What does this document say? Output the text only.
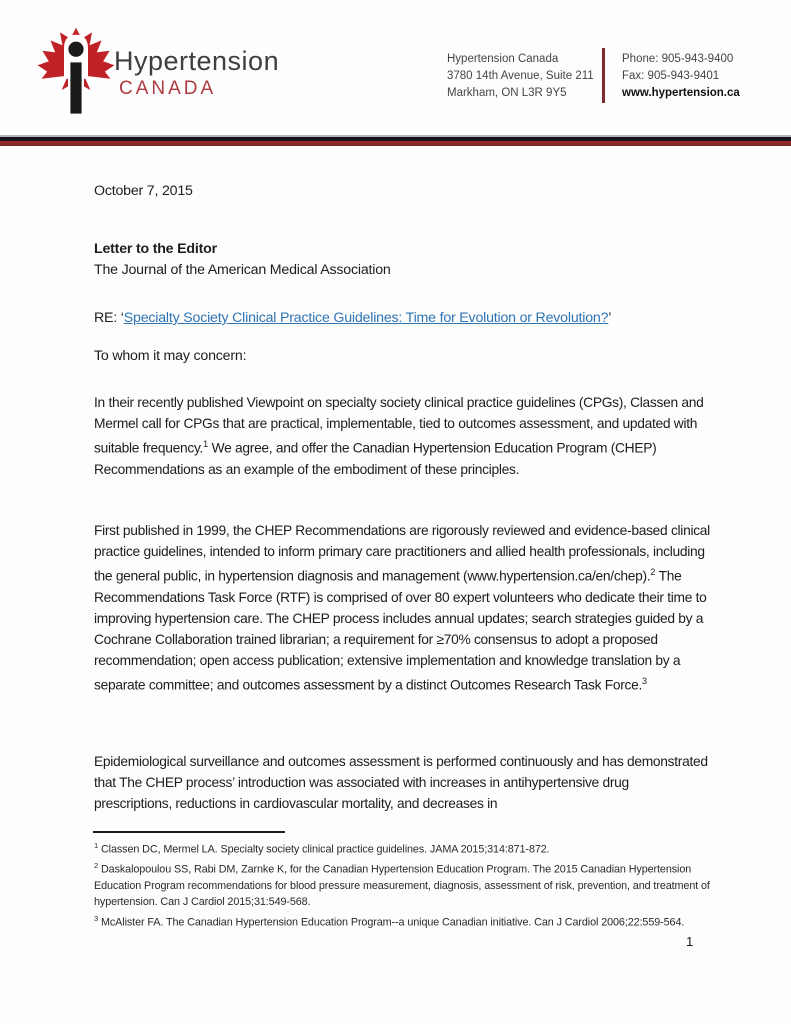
Hypertension
CANADA
Hypertension Canada
3780 14th Avenue, Suite 211
Markham, ON L3R 9Y5
Phone: 905-943-9400
Fax: 905-943-9401
www.hypertension.ca
October 7, 2015
Letter to the Editor
The Journal of the American Medical Association
RE: ‘Specialty Society Clinical Practice Guidelines: Time for Evolution or Revolution?’
To whom it may concern:
In their recently published Viewpoint on specialty society clinical practice guidelines (CPGs), Classen and Mermel call for CPGs that are practical, implementable, tied to outcomes assessment, and updated with suitable frequency.$^1$ We agree, and offer the Canadian Hypertension Education Program (CHEP) Recommendations as an example of the embodiment of these principles.
First published in 1999, the CHEP Recommendations are rigorously reviewed and evidence-based clinical practice guidelines, intended to inform primary care practitioners and allied health professionals, including the general public, in hypertension diagnosis and management (www.hypertension.ca/en/chep).$^2$ The Recommendations Task Force (RTF) is comprised of over 80 expert volunteers who dedicate their time to improving hypertension care. The CHEP process includes annual updates; search strategies guided by a Cochrane Collaboration trained librarian; a requirement for ≥70% consensus to adopt a proposed recommendation; open access publication; extensive implementation and knowledge translation by a separate committee; and outcomes assessment by a distinct Outcomes Research Task Force.$^3$
Epidemiological surveillance and outcomes assessment is performed continuously and has demonstrated that The CHEP process’ introduction was associated with increases in antihypertensive drug prescriptions, reductions in cardiovascular mortality, and decreases in
$^1$ Classen DC, Mermel LA. Specialty society clinical practice guidelines. JAMA 2015;314:871-872.
$^2$ Daskalopoulou SS, Rabi DM, Zarnke K, for the Canadian Hypertension Education Program. The 2015 Canadian Hypertension Education Program recommendations for blood pressure measurement, diagnosis, assessment of risk, prevention, and treatment of hypertension. Can J Cardiol 2015;31:549-568.
$^3$ McAlister FA. The Canadian Hypertension Education Program--a unique Canadian initiative. Can J Cardiol 2006;22:559-564.
1
